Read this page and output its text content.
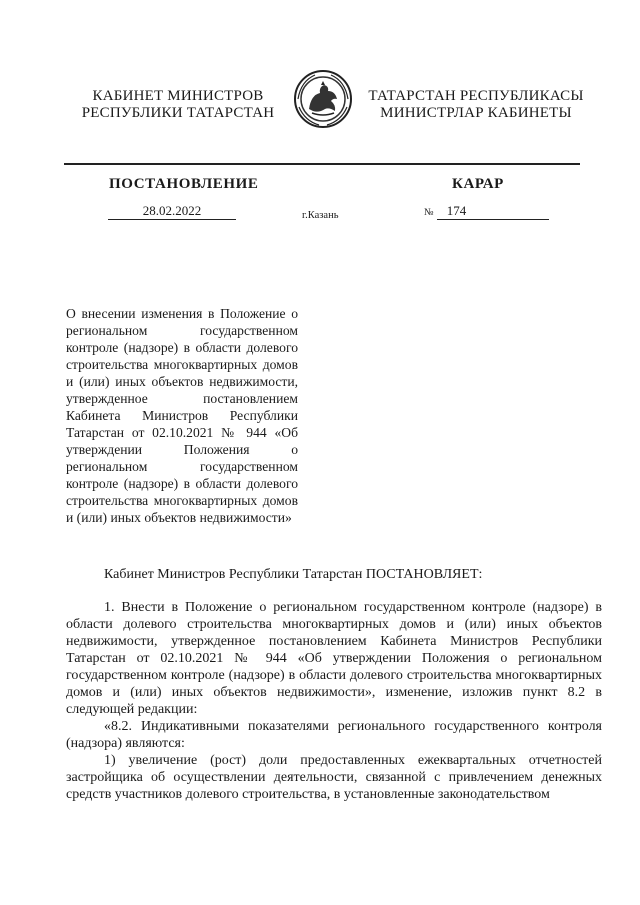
КАБИНЕТ МИНИСТРОВ
РЕСПУБЛИКИ ТАТАРСТАН
ТАТАРСТАН РЕСПУБЛИКАСЫ
МИНИСТРЛАР КАБИНЕТЫ
ПОСТАНОВЛЕНИЕ	КАРАР
28.02.2022	г.Казань	№ 174
О внесении изменения в Положение о региональном государственном контроле (надзоре) в области долевого строительства многоквартирных домов и (или) иных объектов недвижимости, утвержденное постановлением Кабинета Министров Республики Татарстан от 02.10.2021 № 944 «Об утверждении Положения о региональном государственном контроле (надзоре) в области долевого строительства многоквартирных домов и (или) иных объектов недвижимости»
Кабинет Министров Республики Татарстан ПОСТАНОВЛЯЕТ:

1. Внести в Положение о региональном государственном контроле (надзоре) в области долевого строительства многоквартирных домов и (или) иных объектов недвижимости, утвержденное постановлением Кабинета Министров Республики Татарстан от 02.10.2021 № 944 «Об утверждении Положения о региональном государственном контроле (надзоре) в области долевого строительства многоквартирных домов и (или) иных объектов недвижимости», изменение, изложив пункт 8.2 в следующей редакции:

«8.2. Индикативными показателями регионального государственного контроля (надзора) являются:

1) увеличение (рост) доли предоставленных ежеквартальных отчетностей застройщика об осуществлении деятельности, связанной с привлечением денежных средств участников долевого строительства, в установленные законодательством
